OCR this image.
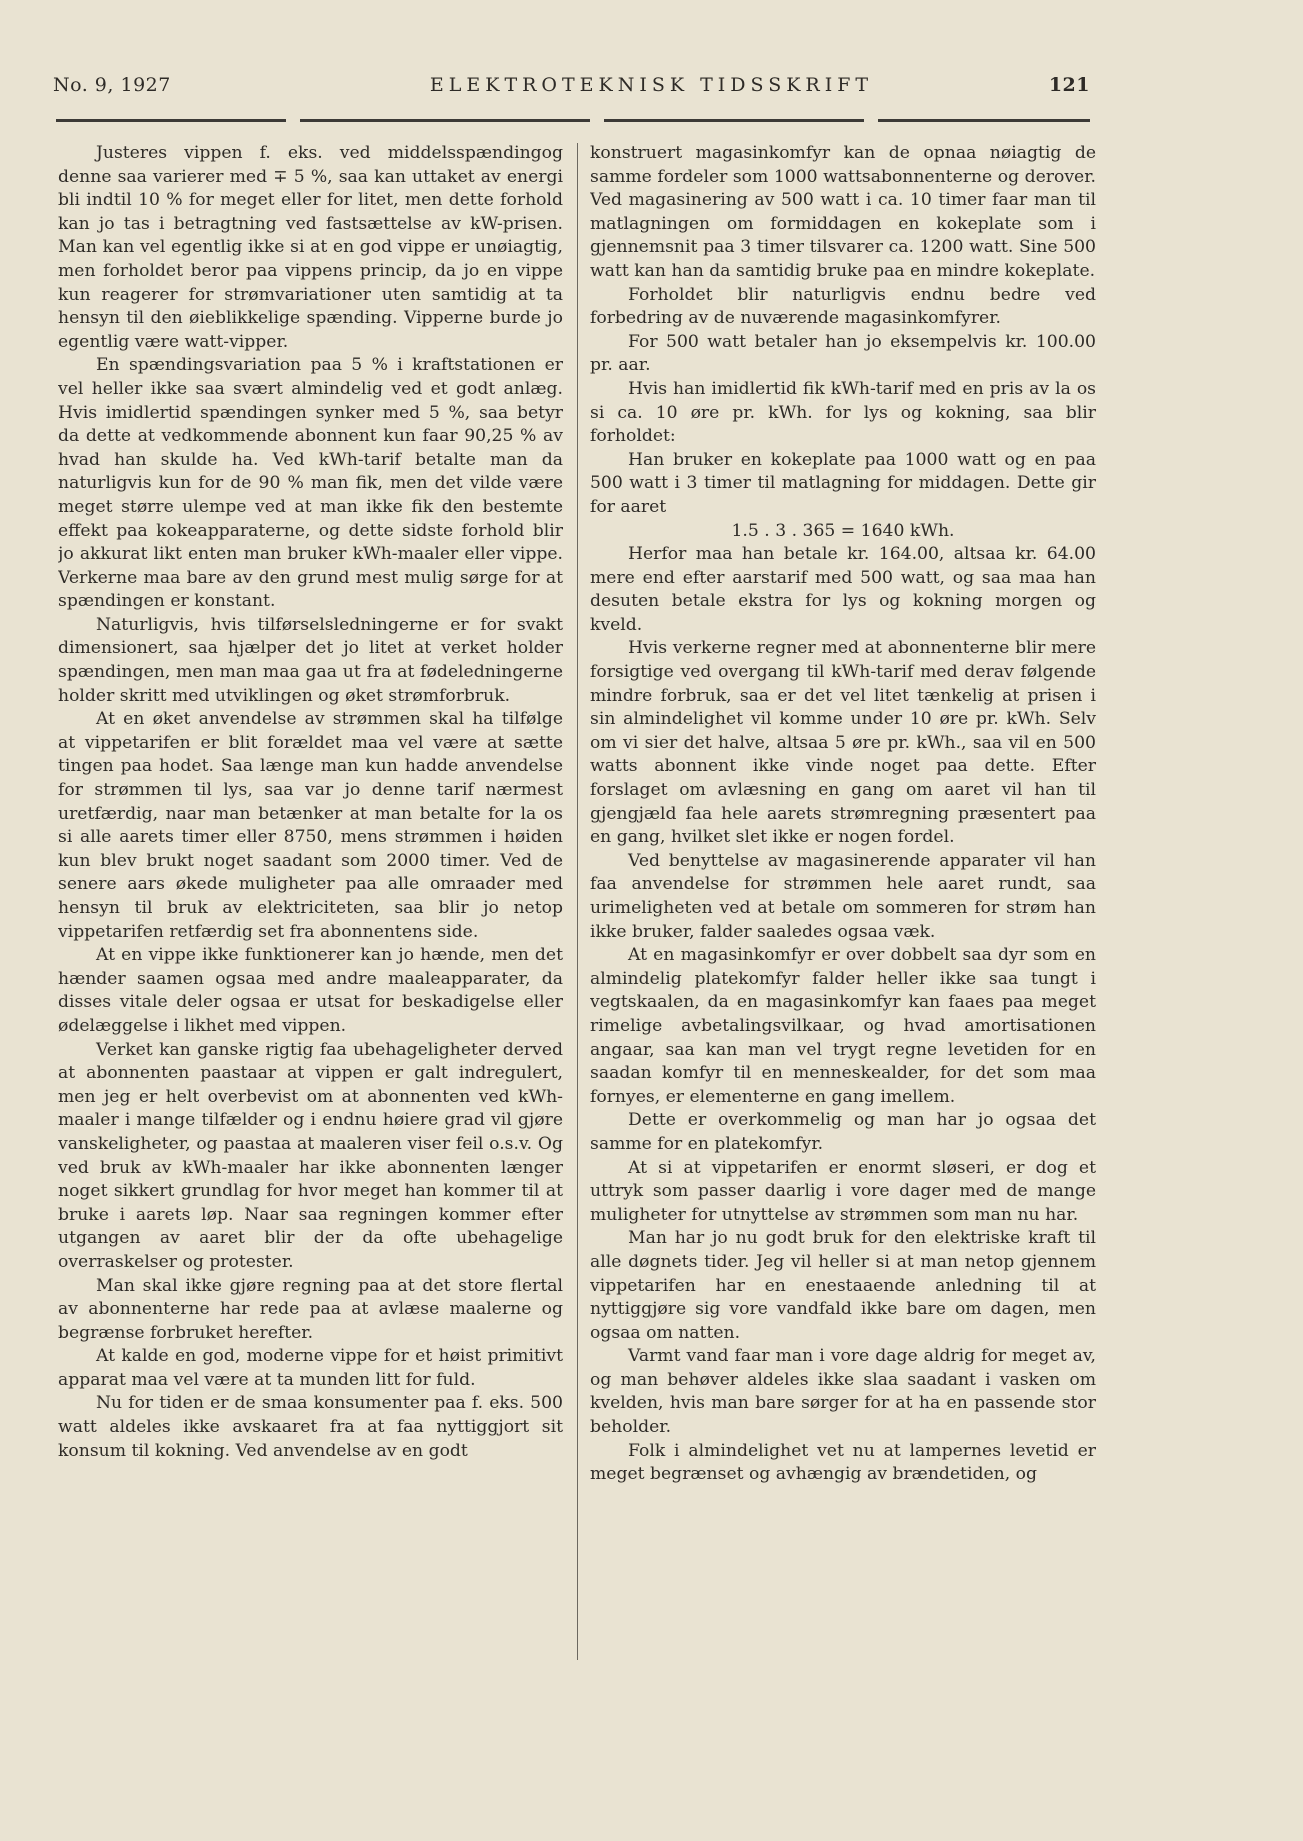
No. 9, 1927	ELEKTROTEKNISK TIDSSKRIFT	121

Justeres vippen f. eks. ved middelsspændingog denne saa varierer med ∓ 5 %, saa kan uttaket av energi bli indtil 10 % for meget eller for litet, men dette forhold kan jo tas i betragtning ved fastsættelse av kW-prisen. Man kan vel egentlig ikke si at en god vippe er unøiagtig, men forholdet beror paa vippens princip, da jo en vippe kun reagerer for strømvariationer uten samtidig at ta hensyn til den øieblikkelige spænding. Vipperne burde jo egentlig være watt-vipper.

En spændingsvariation paa 5 % i kraftstationen er vel heller ikke saa svært almindelig ved et godt anlæg. Hvis imidlertid spændingen synker med 5 %, saa betyr da dette at vedkommende abonnent kun faar 90,25 % av hvad han skulde ha. Ved kWh-tarif betalte man da naturligvis kun for de 90 % man fik, men det vilde være meget større ulempe ved at man ikke fik den bestemte effekt paa kokeapparaterne, og dette sidste forhold blir jo akkurat likt enten man bruker kWh-maaler eller vippe. Verkerne maa bare av den grund mest mulig sørge for at spændingen er konstant.

Naturligvis, hvis tilførselsledningerne er for svakt dimensionert, saa hjælper det jo litet at verket holder spændingen, men man maa gaa ut fra at fødeledningerne holder skritt med utviklingen og øket strømforbruk.

At en øket anvendelse av strømmen skal ha tilfølge at vippetarifen er blit forældet maa vel være at sætte tingen paa hodet. Saa længe man kun hadde anvendelse for strømmen til lys, saa var jo denne tarif nærmest uretfærdig, naar man betænker at man betalte for la os si alle aarets timer eller 8750, mens strømmen i høiden kun blev brukt noget saadant som 2000 timer. Ved de senere aars økede muligheter paa alle omraader med hensyn til bruk av elektriciteten, saa blir jo netop vippetarifen retfærdig set fra abonnentens side.

At en vippe ikke funktionerer kan jo hænde, men det hænder saamen ogsaa med andre maaleapparater, da disses vitale deler ogsaa er utsat for beskadigelse eller ødelæggelse i likhet med vippen.

Verket kan ganske rigtig faa ubehageligheter derved at abonnenten paastaar at vippen er galt indregulert, men jeg er helt overbevist om at abonnenten ved kWh-maaler i mange tilfælder og i endnu høiere grad vil gjøre vanskeligheter, og paastaa at maaleren viser feil o.s.v. Og ved bruk av kWh-maaler har ikke abonnenten længer noget sikkert grundlag for hvor meget han kommer til at bruke i aarets løp. Naar saa regningen kommer efter utgangen av aaret blir der da ofte ubehagelige overraskelser og protester.

Man skal ikke gjøre regning paa at det store flertal av abonnenterne har rede paa at avlæse maalerne og begrænse forbruket herefter.

At kalde en god, moderne vippe for et høist primitivt apparat maa vel være at ta munden litt for fuld.

Nu for tiden er de smaa konsumenter paa f. eks. 500 watt aldeles ikke avskaaret fra at faa nyttiggjort sit konsum til kokning. Ved anvendelse av en godt

konstruert magasinkomfyr kan de opnaa nøiagtig de samme fordeler som 1000 wattsabonnenterne og derover. Ved magasinering av 500 watt i ca. 10 timer faar man til matlagningen om formiddagen en kokeplate som i gjennemsnit paa 3 timer tilsvarer ca. 1200 watt. Sine 500 watt kan han da samtidig bruke paa en mindre kokeplate.

Forholdet blir naturligvis endnu bedre ved forbedring av de nuværende magasinkomfyrer.

For 500 watt betaler han jo eksempelvis kr. 100.00 pr. aar.

Hvis han imidlertid fik kWh-tarif med en pris av la os si ca. 10 øre pr. kWh. for lys og kokning, saa blir forholdet:

Han bruker en kokeplate paa 1000 watt og en paa 500 watt i 3 timer til matlagning for middagen. Dette gir for aaret

1.5 . 3 . 365 = 1640 kWh.

Herfor maa han betale kr. 164.00, altsaa kr. 64.00 mere end efter aarstarif med 500 watt, og saa maa han desuten betale ekstra for lys og kokning morgen og kveld.

Hvis verkerne regner med at abonnenterne blir mere forsigtige ved overgang til kWh-tarif med derav følgende mindre forbruk, saa er det vel litet tænkelig at prisen i sin almindelighet vil komme under 10 øre pr. kWh. Selv om vi sier det halve, altsaa 5 øre pr. kWh., saa vil en 500 watts abonnent ikke vinde noget paa dette. Efter forslaget om avlæsning en gang om aaret vil han til gjengjæld faa hele aarets strømregning præsentert paa en gang, hvilket slet ikke er nogen fordel.

Ved benyttelse av magasinerende apparater vil han faa anvendelse for strømmen hele aaret rundt, saa urimeligheten ved at betale om sommeren for strøm han ikke bruker, falder saaledes ogsaa væk.

At en magasinkomfyr er over dobbelt saa dyr som en almindelig platekomfyr falder heller ikke saa tungt i vegtskaalen, da en magasinkomfyr kan faaes paa meget rimelige avbetalingsvilkaar, og hvad amortisationen angaar, saa kan man vel trygt regne levetiden for en saadan komfyr til en menneskealder, for det som maa fornyes, er elementerne en gang imellem.

Dette er overkommelig og man har jo ogsaa det samme for en platekomfyr.

At si at vippetarifen er enormt sløseri, er dog et uttryk som passer daarlig i vore dager med de mange muligheter for utnyttelse av strømmen som man nu har.

Man har jo nu godt bruk for den elektriske kraft til alle døgnets tider. Jeg vil heller si at man netop gjennem vippetarifen har en enestaaende anledning til at nyttiggjøre sig vore vandfald ikke bare om dagen, men ogsaa om natten.

Varmt vand faar man i vore dage aldrig for meget av, og man behøver aldeles ikke slaa saadant i vasken om kvelden, hvis man bare sørger for at ha en passende stor beholder.

Folk i almindelighet vet nu at lampernes levetid er meget begrænset og avhængig av brændetiden, og
